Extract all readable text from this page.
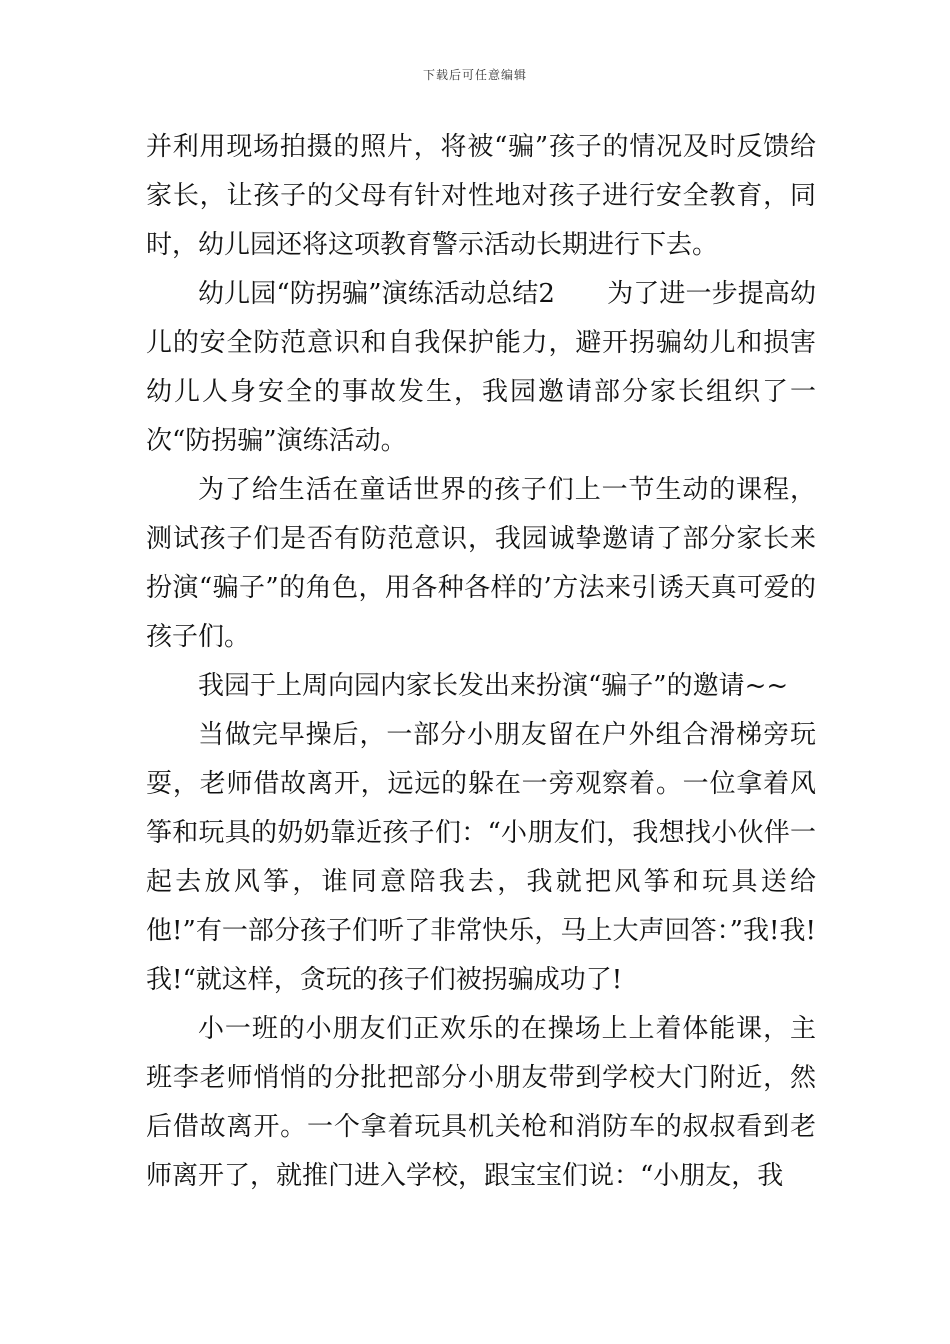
下载后可任意编辑

并利用现场拍摄的照片，将被“骗”孩子的情况及时反馈给家长，让孩子的父母有针对性地对孩子进行安全教育，同时，幼儿园还将这项教育警示活动长期进行下去。

幼儿园“防拐骗”演练活动总结2 为了进一步提高幼儿的安全防范意识和自我保护能力，避开拐骗幼儿和损害幼儿人身安全的事故发生，我园邀请部分家长组织了一次“防拐骗”演练活动。

为了给生活在童话世界的孩子们上一节生动的课程，测试孩子们是否有防范意识，我园诚挚邀请了部分家长来扮演“骗子”的角色，用各种各样的’方法来引诱天真可爱的孩子们。

我园于上周向园内家长发出来扮演“骗子”的邀请~~

当做完早操后，一部分小朋友留在户外组合滑梯旁玩耍，老师借故离开，远远的躲在一旁观察着。一位拿着风筝和玩具的奶奶靠近孩子们：“小朋友们，我想找小伙伴一起去放风筝，谁同意陪我去，我就把风筝和玩具送给他!”有一部分孩子们听了非常快乐，马上大声回答：”我!我!我!“就这样，贪玩的孩子们被拐骗成功了!

小一班的小朋友们正欢乐的在操场上上着体能课，主班李老师悄悄的分批把部分小朋友带到学校大门附近，然后借故离开。一个拿着玩具机关枪和消防车的叔叔看到老师离开了，就推门进入学校，跟宝宝们说：“小朋友，我
